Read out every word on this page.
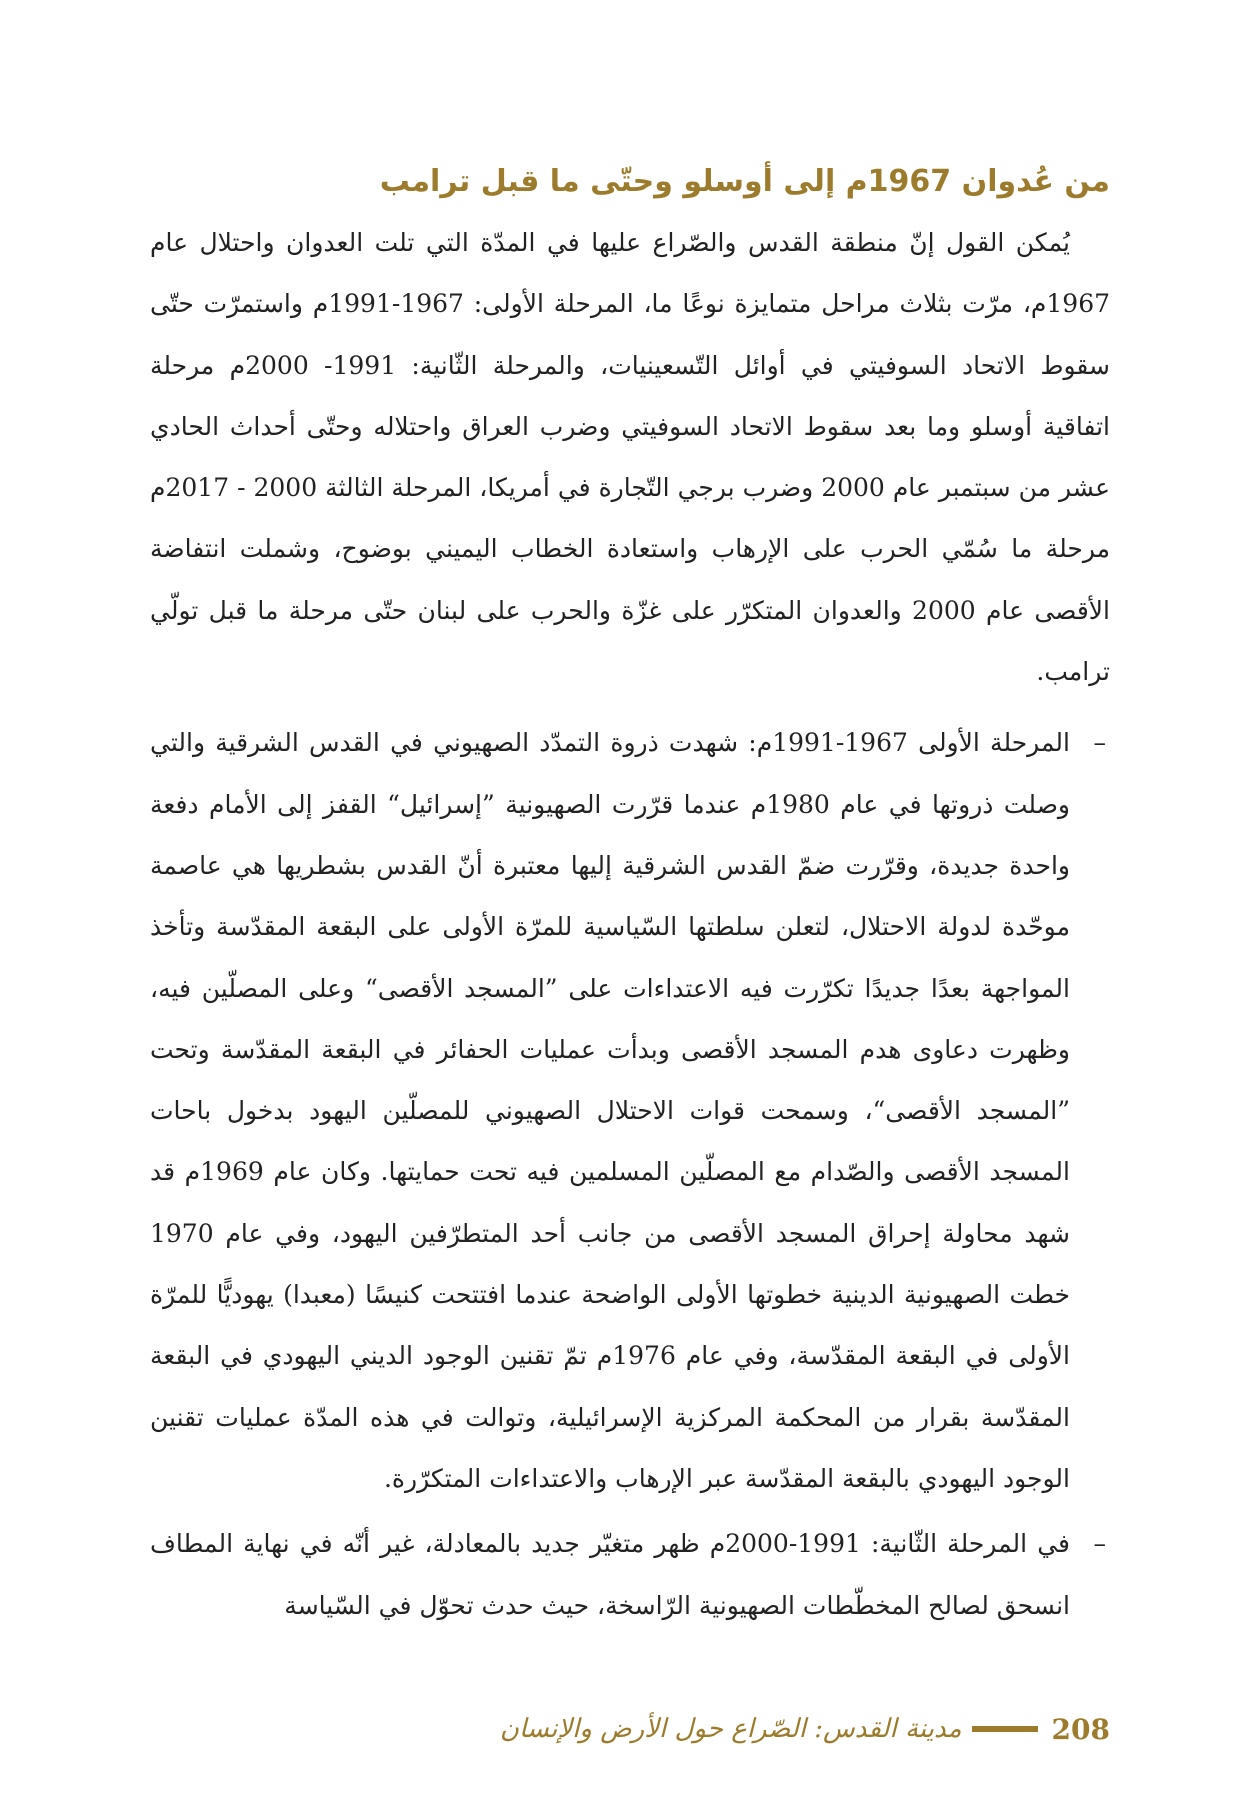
من عُدوان 1967م إلى أوسلو وحتّى ما قبل ترامب

يُمكن القول إنّ منطقة القدس والصّراع عليها في المدّة التي تلت العدوان واحتلال عام 1967م، مرّت بثلاث مراحل متمايزة نوعًا ما، المرحلة الأولى: 1967-1991م واستمرّت حتّى سقوط الاتحاد السوفيتي في أوائل التّسعينيات، والمرحلة الثّانية: 1991- 2000م مرحلة اتفاقية أوسلو وما بعد سقوط الاتحاد السوفيتي وضرب العراق واحتلاله وحتّى أحداث الحادي عشر من سبتمبر عام 2000 وضرب برجي التّجارة في أمريكا، المرحلة الثالثة 2000 - 2017م مرحلة ما سُمّي الحرب على الإرهاب واستعادة الخطاب اليميني بوضوح، وشملت انتفاضة الأقصى عام 2000 والعدوان المتكرّر على غزّة والحرب على لبنان حتّى مرحلة ما قبل تولّي ترامب.

–
المرحلة الأولى 1967-1991م: شهدت ذروة التمدّد الصهيوني في القدس الشرقية والتي وصلت ذروتها في عام 1980م عندما قرّرت الصهيونية ”إسرائيل“ القفز إلى الأمام دفعة واحدة جديدة، وقرّرت ضمّ القدس الشرقية إليها معتبرة أنّ القدس بشطريها هي عاصمة موحّدة لدولة الاحتلال، لتعلن سلطتها السّياسية للمرّة الأولى على البقعة المقدّسة وتأخذ المواجهة بعدًا جديدًا تكرّرت فيه الاعتداءات على ”المسجد الأقصى“ وعلى المصلّين فيه، وظهرت دعاوى هدم المسجد الأقصى وبدأت عمليات الحفائر في البقعة المقدّسة وتحت ”المسجد الأقصى“، وسمحت قوات الاحتلال الصهيوني للمصلّين اليهود بدخول باحات المسجد الأقصى والصّدام مع المصلّين المسلمين فيه تحت حمايتها. وكان عام 1969م قد شهد محاولة إحراق المسجد الأقصى من جانب أحد المتطرّفين اليهود، وفي عام 1970 خطت الصهيونية الدينية خطوتها الأولى الواضحة عندما افتتحت كنيسًا (معبدا) يهوديًّا للمرّة الأولى في البقعة المقدّسة، وفي عام 1976م تمّ تقنين الوجود الديني اليهودي في البقعة المقدّسة بقرار من المحكمة المركزية الإسرائيلية، وتوالت في هذه المدّة عمليات تقنين الوجود اليهودي بالبقعة المقدّسة عبر الإرهاب والاعتداءات المتكرّرة.
–
في المرحلة الثّانية: 1991-2000م ظهر متغيّر جديد بالمعادلة، غير أنّه في نهاية المطاف انسحق لصالح المخطّطات الصهيونية الرّاسخة، حيث حدث تحوّل في السّياسة
208
مدينة القدس: الصّراع حول الأرض والإنسان
